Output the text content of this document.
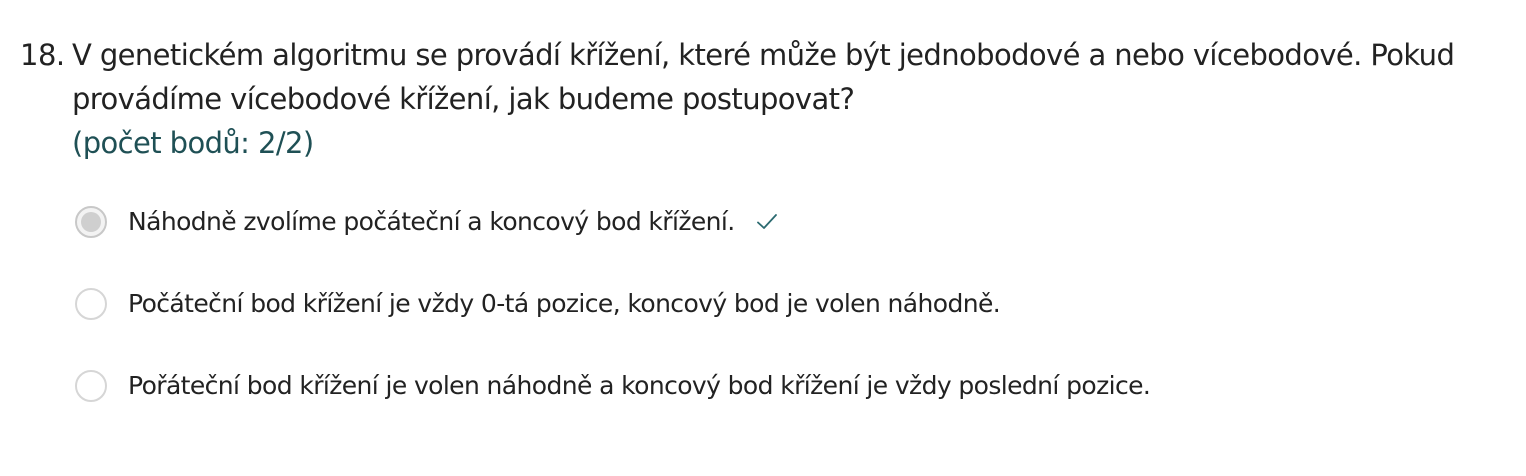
18. V genetickém algoritmu se provádí křížení, které může být jednobodové a nebo vícebodové. Pokud provádíme vícebodové křížení, jak budeme postupovat?
(počet bodů: 2/2)
Náhodně zvolíme počáteční a koncový bod křížení.
Počáteční bod křížení je vždy 0-tá pozice, koncový bod je volen náhodně.
Pořáteční bod křížení je volen náhodně a koncový bod křížení je vždy poslední pozice.
